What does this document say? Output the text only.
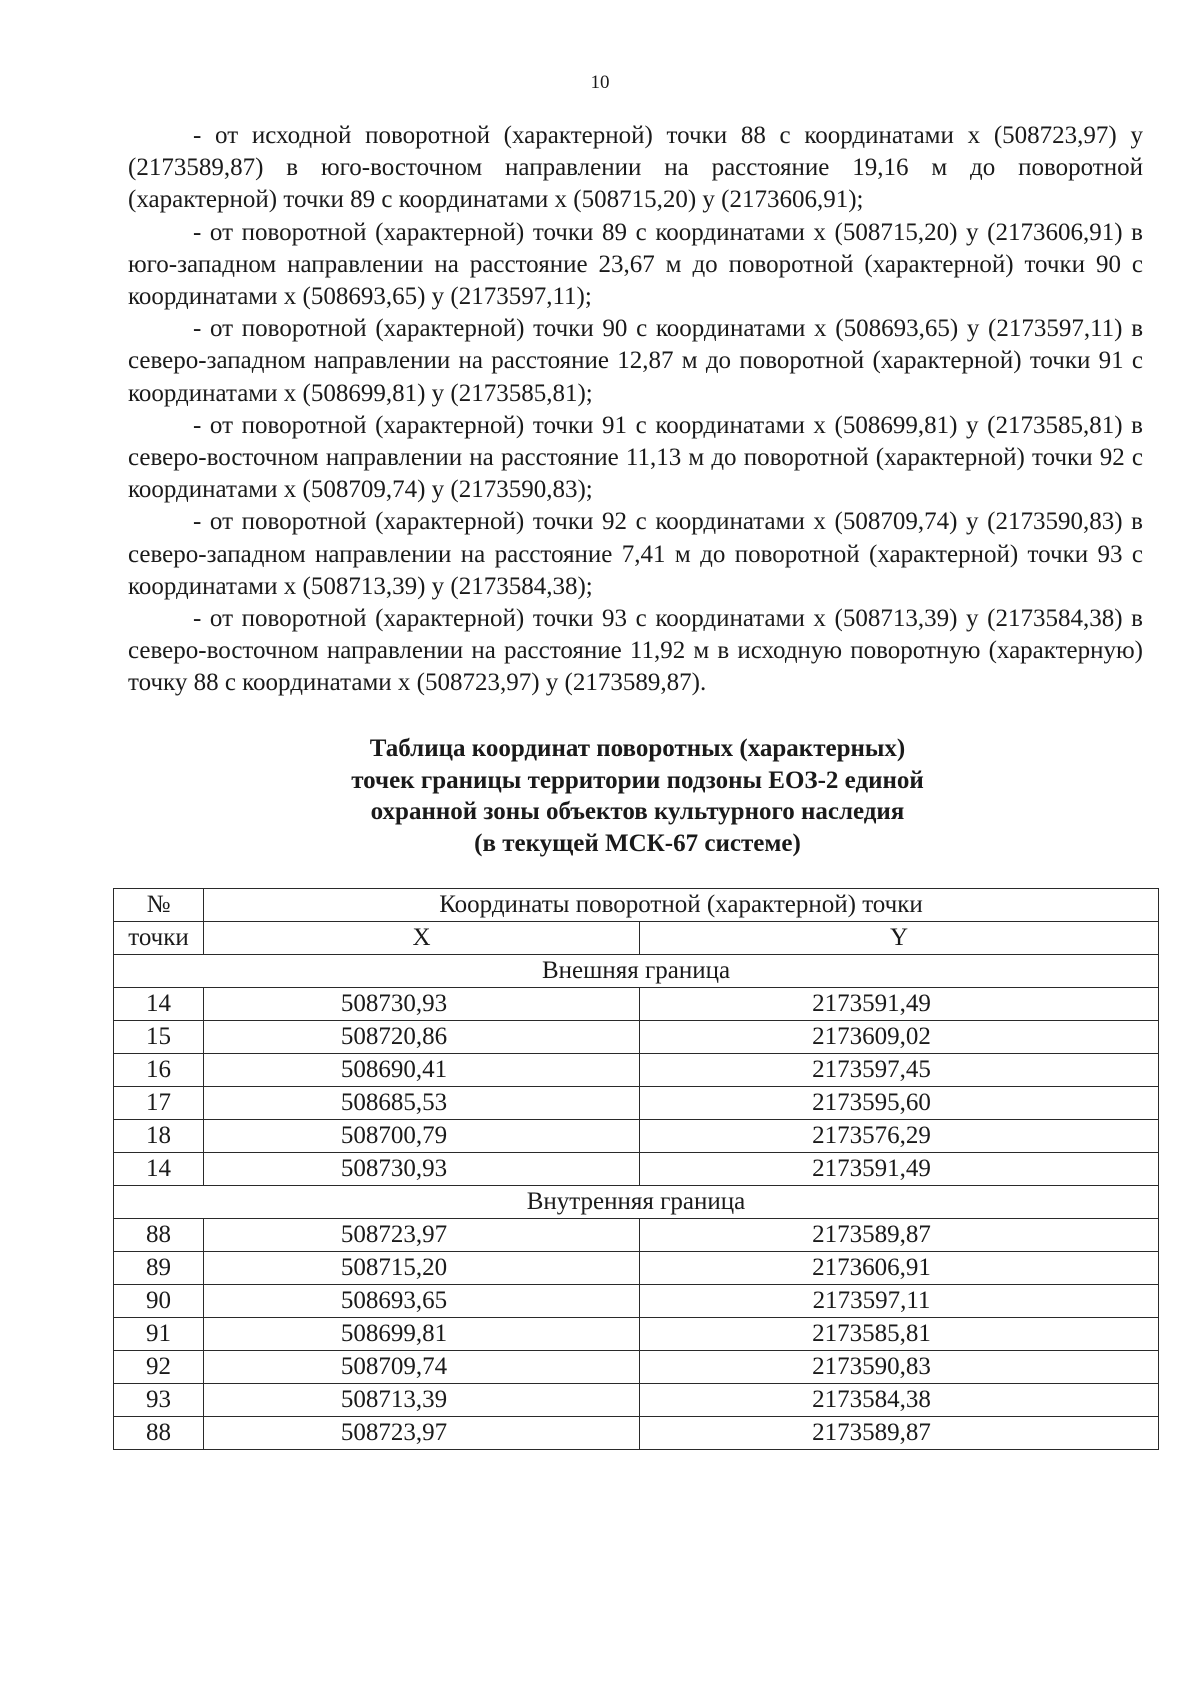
10

- от исходной поворотной (характерной) точки 88 с координатами х (508723,97) у (2173589,87) в юго-восточном направлении на расстояние 19,16 м до поворотной (характерной) точки 89 с координатами х (508715,20) у (2173606,91);

- от поворотной (характерной) точки 89 с координатами х (508715,20) у (2173606,91) в юго-западном направлении на расстояние 23,67 м до поворотной (характерной) точки 90 с координатами х (508693,65) у (2173597,11);

- от поворотной (характерной) точки 90 с координатами х (508693,65) у (2173597,11) в северо-западном направлении на расстояние 12,87 м до поворотной (характерной) точки 91 с координатами х (508699,81) у (2173585,81);

- от поворотной (характерной) точки 91 с координатами х (508699,81) у (2173585,81) в северо-восточном направлении на расстояние 11,13 м до поворотной (характерной) точки 92 с координатами х (508709,74) у (2173590,83);

- от поворотной (характерной) точки 92 с координатами х (508709,74) у (2173590,83) в северо-западном направлении на расстояние 7,41 м до поворотной (характерной) точки 93 с координатами х (508713,39) у (2173584,38);

- от поворотной (характерной) точки 93 с координатами х (508713,39) у (2173584,38) в северо-восточном направлении на расстояние 11,92 м в исходную поворотную (характерную) точку 88 с координатами х (508723,97) у (2173589,87).

Таблица координат поворотных (характерных)
точек границы территории подзоны ЕОЗ-2 единой
охранной зоны объектов культурного наследия
(в текущей МСК-67 системе)
№	Координаты поворотной (характерной) точки	
точки	X	Y
Внешняя граница		
14	508730,93	2173591,49
15	508720,86	2173609,02
16	508690,41	2173597,45
17	508685,53	2173595,60
18	508700,79	2173576,29
14	508730,93	2173591,49
Внутренняя граница		
88	508723,97	2173589,87
89	508715,20	2173606,91
90	508693,65	2173597,11
91	508699,81	2173585,81
92	508709,74	2173590,83
93	508713,39	2173584,38
88	508723,97	2173589,87
